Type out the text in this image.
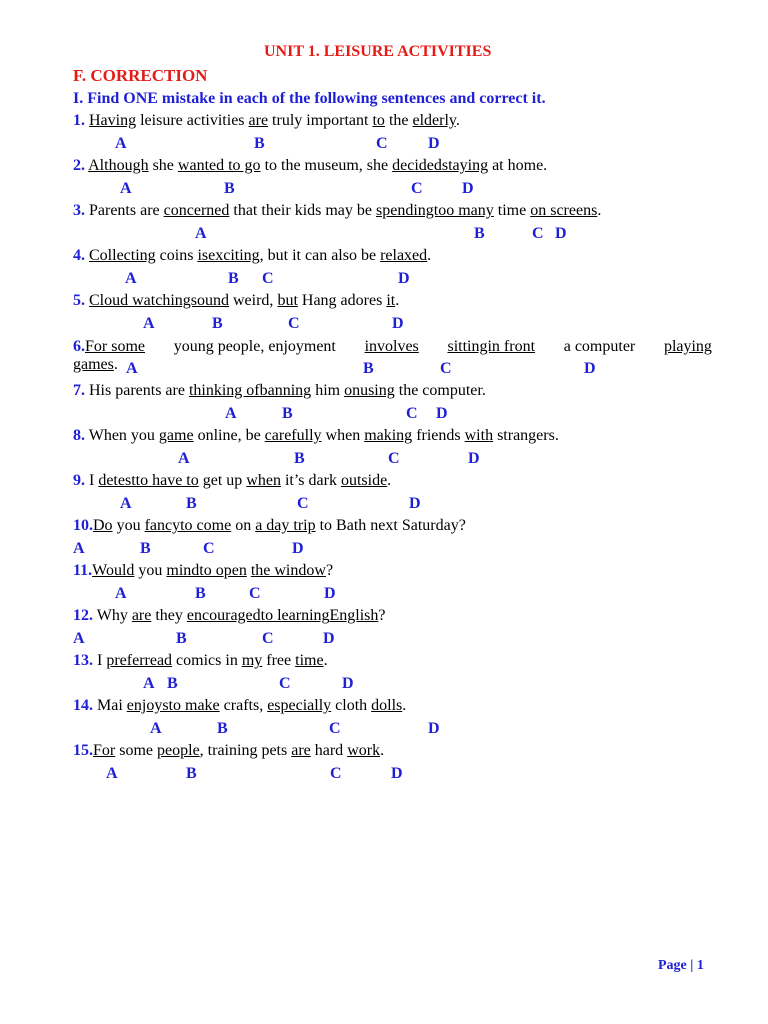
UNIT 1. LEISURE ACTIVITIES
F. CORRECTION
I. Find ONE mistake in each of the following sentences and correct it.
1. Having leisure activities are truly important to the elderly.
A	B	C	D
2. Although she wanted to go to the museum, she decidedstaying at home.
A	B	C D
3. Parents are concerned that their kids may be spendingtoo many time on screens.
A	B	C D
4. Collecting coins isexciting, but it can also be relaxed.
A	B C	D
5. Cloud watchingsound weird, but Hang adores it.
A	B	C	D
6.For some young people, enjoyment involves sittingin front a computer playing
games. A	B	C	D
7. His parents are thinking ofbanning him onusing the computer.
A	B	C D
8. When you game online, be carefully when making friends with strangers.
A	B	C	D
9. I detestto have to get up when it’s dark outside.
A	B	C	D
10.Do you fancyto come on a day trip to Bath next Saturday?
A	B	C	D
11.Would you mindto open the window?
A	B	C	D
12. Why are they encouragedto learningEnglish?
A	B	C	D
13. I preferread comics in my free time.
A B	C	D
14. Mai enjoysto make crafts, especially cloth dolls.
A	B	C	D
15.For some people, training pets are hard work.
A	B	C	D
Page | 1
